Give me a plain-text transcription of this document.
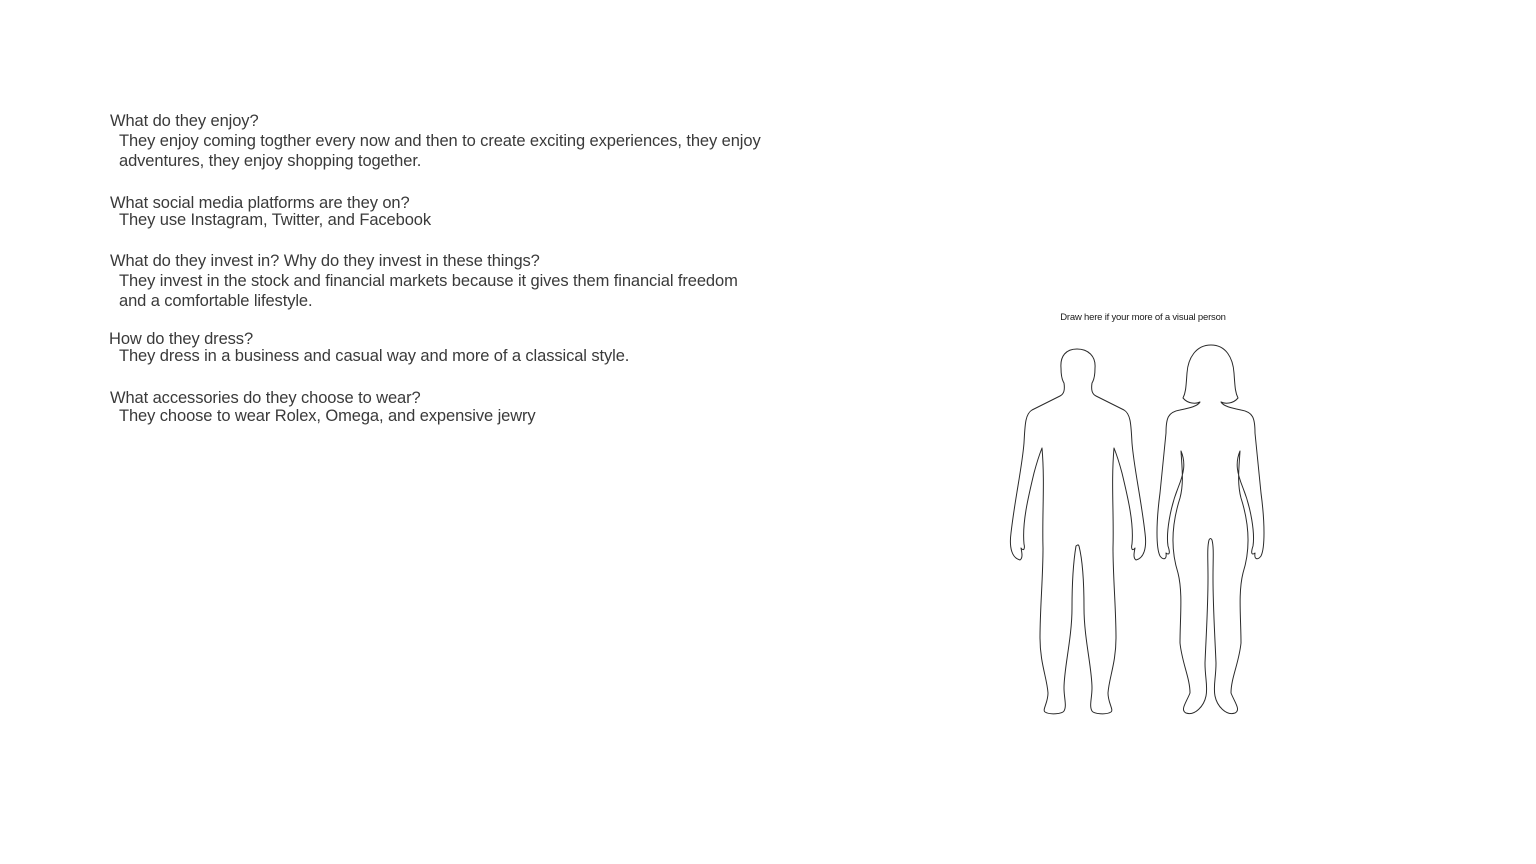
What do they enjoy?
They enjoy coming togther every now and then to create exciting experiences, they enjoy adventures, they enjoy shopping together.
What social media platforms are they on?
They use Instagram, Twitter, and Facebook
What do they invest in? Why do they invest in these things?
They invest in the stock and financial markets because it gives them financial freedom and a comfortable lifestyle.
How do they dress?
They dress in a business and casual way and more of a classical style.
What accessories do they choose to wear?
They choose to wear Rolex, Omega, and expensive jewry
Draw here if your more of a visual person
